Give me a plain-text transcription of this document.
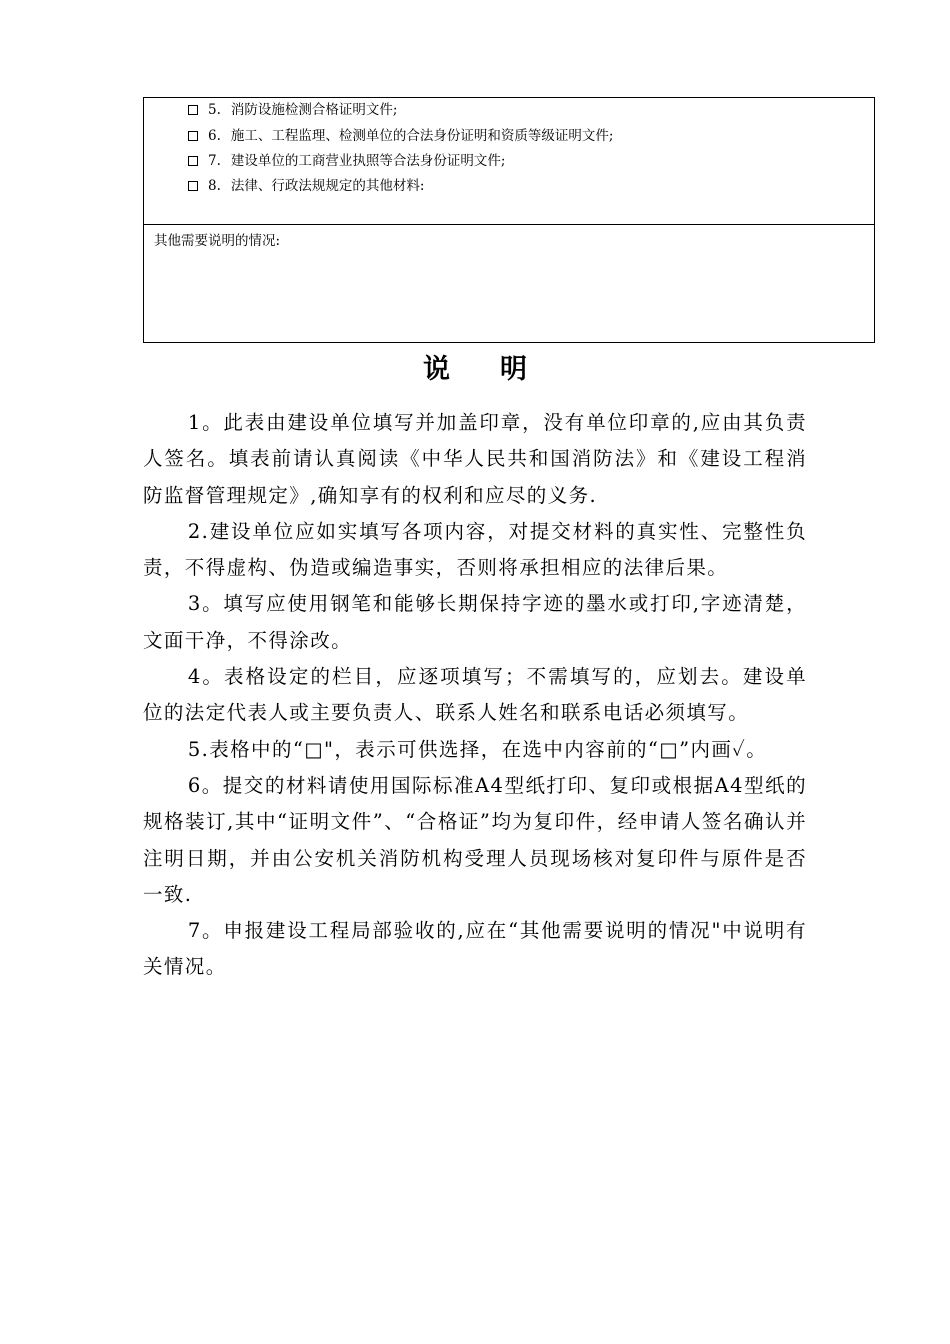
5. 消防设施检测合格证明文件;
6. 施工、工程监理、检测单位的合法身份证明和资质等级证明文件;
7. 建设单位的工商营业执照等合法身份证明文件;
8. 法律、行政法规规定的其他材料:
其他需要说明的情况:
说明

1。此表由建设单位填写并加盖印章，没有单位印章的,应由其负责人签名。填表前请认真阅读《中华人民共和国消防法》和《建设工程消防监督管理规定》,确知享有的权利和应尽的义务.

2.建设单位应如实填写各项内容，对提交材料的真实性、完整性负责，不得虚构、伪造或编造事实，否则将承担相应的法律后果。

3。填写应使用钢笔和能够长期保持字迹的墨水或打印,字迹清楚，文面干净，不得涂改。

4。表格设定的栏目，应逐项填写；不需填写的，应划去。建设单位的法定代表人或主要负责人、联系人姓名和联系电话必须填写。

5.表格中的“□"，表示可供选择，在选中内容前的“□”内画✓。

6。提交的材料请使用国际标准A4型纸打印、复印或根据A4型纸的规格装订,其中“证明文件”、“合格证”均为复印件，经申请人签名确认并注明日期，并由公安机关消防机构受理人员现场核对复印件与原件是否一致.

7。申报建设工程局部验收的,应在“其他需要说明的情况"中说明有关情况。
